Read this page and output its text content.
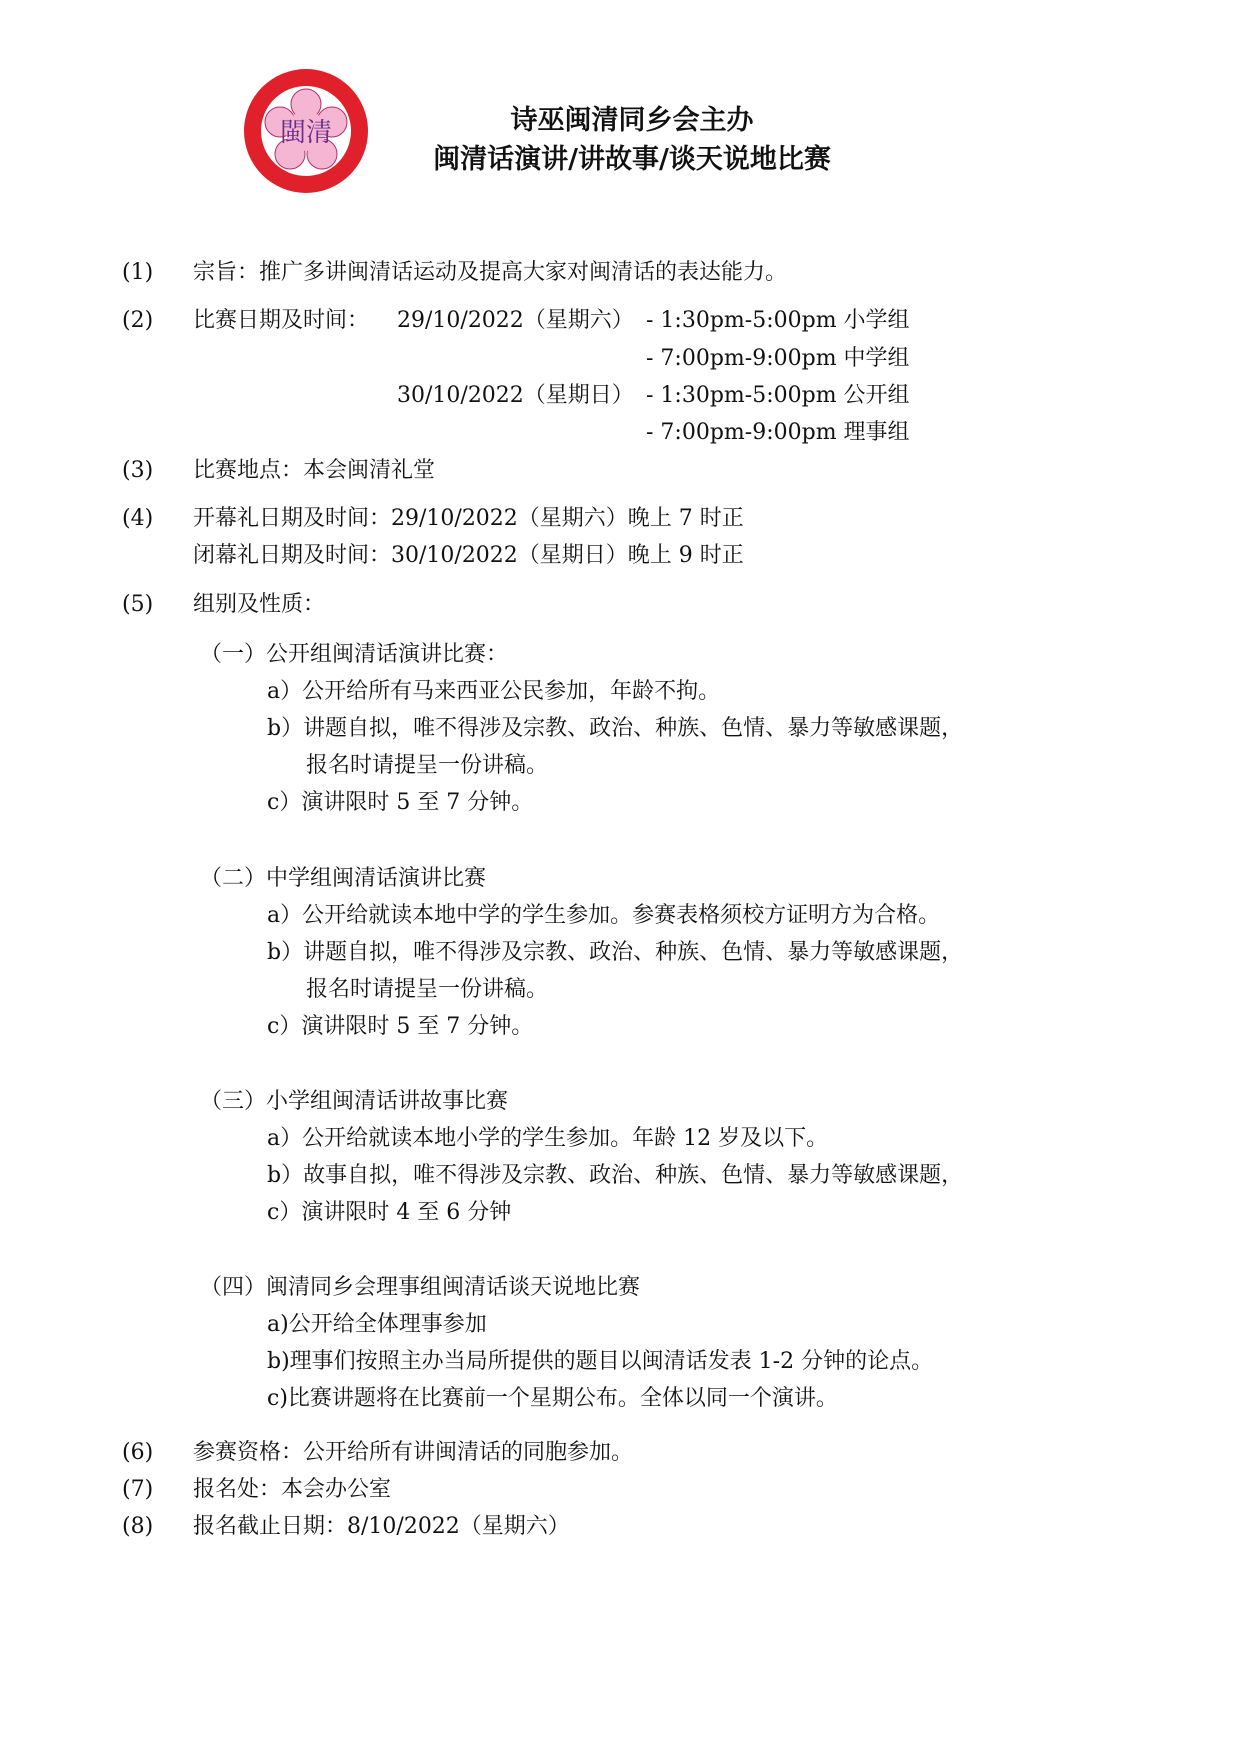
閩清	诗巫闽清同乡会主办
闽清话演讲/讲故事/谈天说地比赛
(1) 宗旨：推广多讲闽清话运动及提高大家对闽清话的表达能力。
(2) 比赛日期及时间： 29/10/2022（星期六） - 1:30pm-5:00pm 小学组
- 7:00pm-9:00pm 中学组
30/10/2022（星期日） - 1:30pm-5:00pm 公开组
- 7:00pm-9:00pm 理事组
(3) 比赛地点：本会闽清礼堂
(4) 开幕礼日期及时间：29/10/2022（星期六）晚上 7 时正
闭幕礼日期及时间：30/10/2022（星期日）晚上 9 时正
(5) 组别及性质：
（一）公开组闽清话演讲比赛：
a）公开给所有马来西亚公民参加，年龄不拘。
b）讲题自拟，唯不得涉及宗教、政治、种族、色情、暴力等敏感课题，
报名时请提呈一份讲稿。
c）演讲限时 5 至 7 分钟。
（二）中学组闽清话演讲比赛
a）公开给就读本地中学的学生参加。参赛表格须校方证明方为合格。
b）讲题自拟，唯不得涉及宗教、政治、种族、色情、暴力等敏感课题，
报名时请提呈一份讲稿。
c）演讲限时 5 至 7 分钟。
（三）小学组闽清话讲故事比赛
a）公开给就读本地小学的学生参加。年龄 12 岁及以下。
b）故事自拟，唯不得涉及宗教、政治、种族、色情、暴力等敏感课题，
c）演讲限时 4 至 6 分钟
（四）闽清同乡会理事组闽清话谈天说地比赛
a)公开给全体理事参加
b)理事们按照主办当局所提供的题目以闽清话发表 1-2 分钟的论点。
c)比赛讲题将在比赛前一个星期公布。全体以同一个演讲。
(6) 参赛资格：公开给所有讲闽清话的同胞参加。
(7) 报名处：本会办公室
(8) 报名截止日期：8/10/2022（星期六）
